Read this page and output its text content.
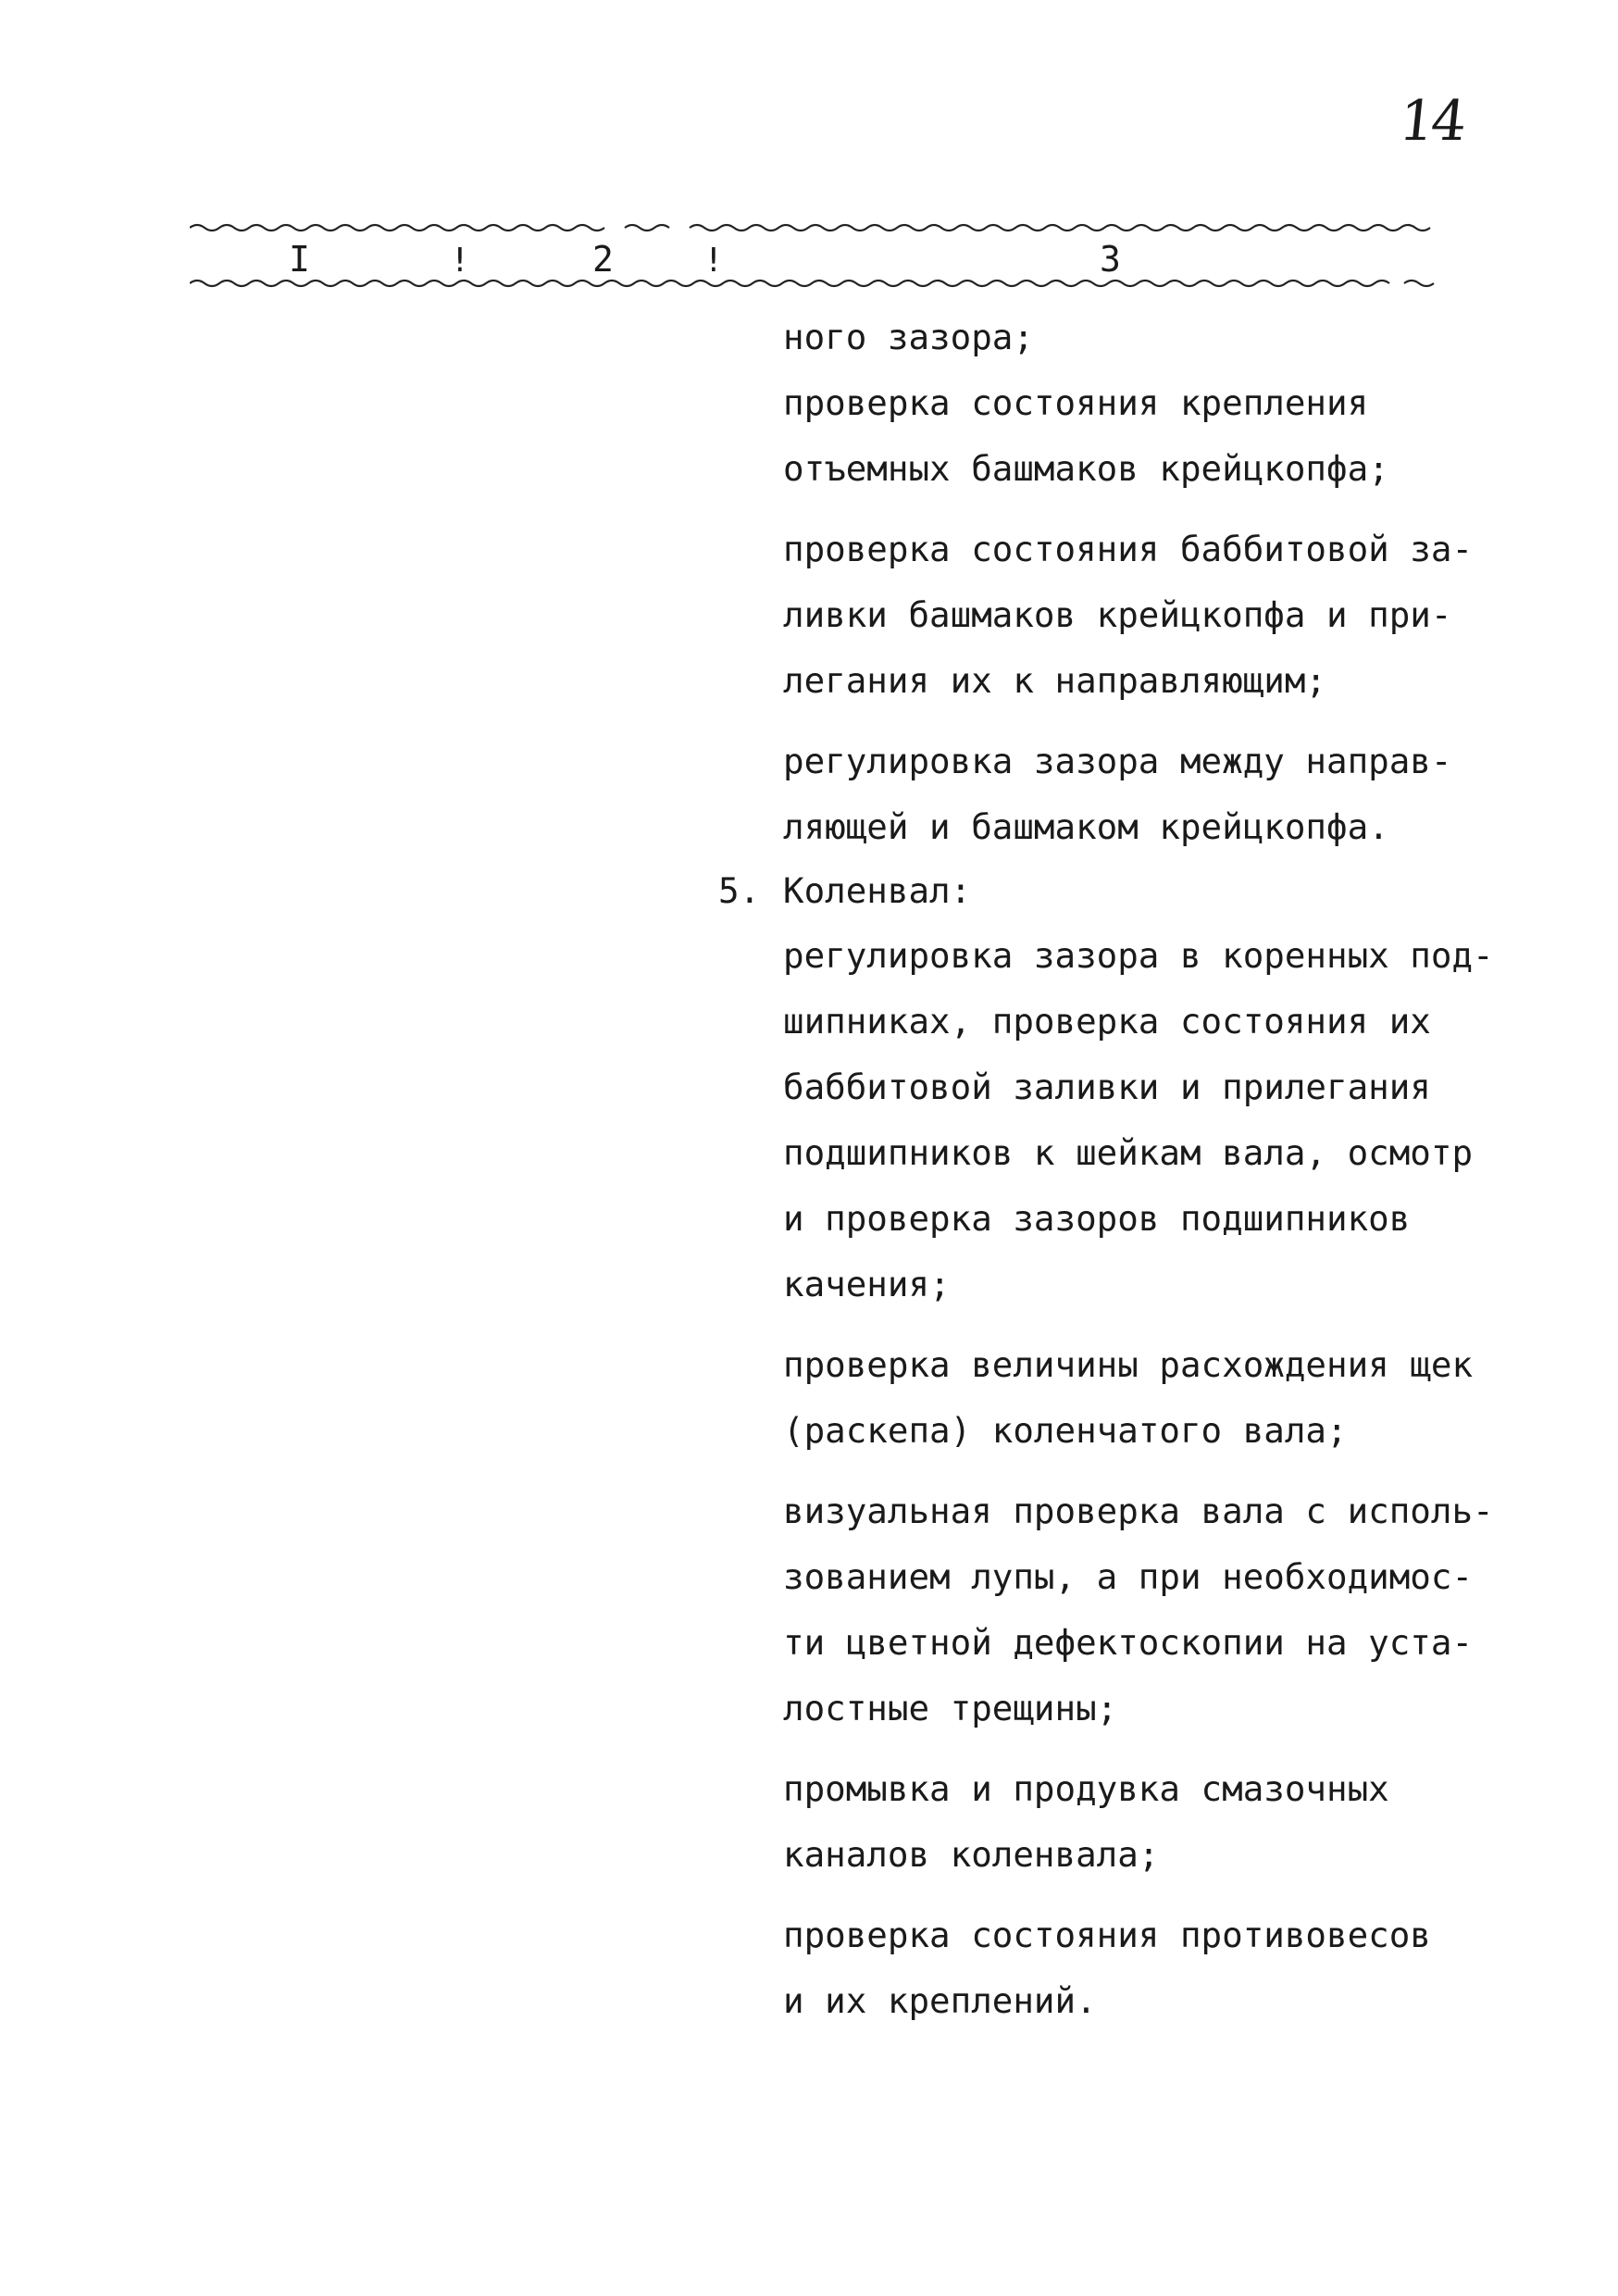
14
I	!	2	!	3
ного зазора;
проверка состояния крепления
отъемных башмаков крейцкопфа;
проверка состояния баббитовой за-
ливки башмаков крейцкопфа и при-
легания их к направляющим;
регулировка зазора между направ-
ляющей и башмаком крейцкопфа.
5. Коленвал:
регулировка зазора в коренных под-
шипниках, проверка состояния их
баббитовой заливки и прилегания
подшипников к шейкам вала, осмотр
и проверка зазоров подшипников
качения;
проверка величины расхождения щек
(раскепа) коленчатого вала;
визуальная проверка вала с исполь-
зованием лупы, а при необходимос-
ти цветной дефектоскопии на уста-
лостные трещины;
промывка и продувка смазочных
каналов коленвала;
проверка состояния противовесов
и их креплений.
